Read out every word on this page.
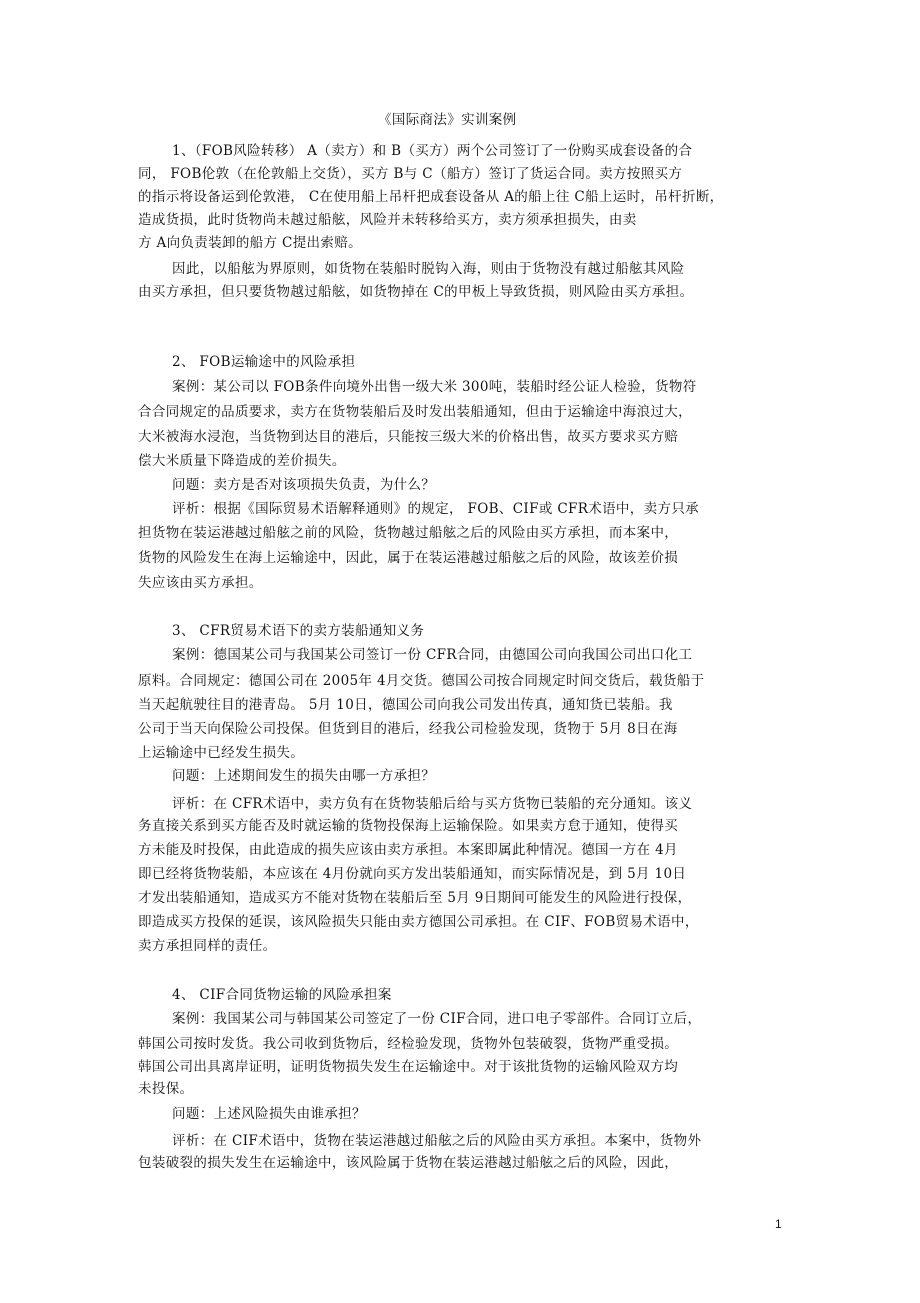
《国际商法》实训案例
1、（FOB风险转移） A（卖方）和 B（买方）两个公司签订了一份购买成套设备的合
同， FOB伦敦（在伦敦船上交货），买方 B与 C（船方）签订了货运合同。卖方按照买方
的指示将设备运到伦敦港， C在使用船上吊杆把成套设备从 A的船上往 C船上运时，吊杆折断，
造成货损，此时货物尚未越过船舷，风险并未转移给买方，卖方须承担损失，由卖
方 A向负责装卸的船方 C提出索赔。
因此，以船舷为界原则，如货物在装船时脱钩入海，则由于货物没有越过船舷其风险
由买方承担，但只要货物越过船舷，如货物掉在 C的甲板上导致货损，则风险由买方承担。
2、 FOB运输途中的风险承担
案例：某公司以 FOB条件向境外出售一级大米 300吨，装船时经公证人检验，货物符
合合同规定的品质要求，卖方在货物装船后及时发出装船通知，但由于运输途中海浪过大，
大米被海水浸泡，当货物到达目的港后，只能按三级大米的价格出售，故买方要求买方赔
偿大米质量下降造成的差价损失。
问题：卖方是否对该项损失负责，为什么？
评析：根据《国际贸易术语解释通则》的规定， FOB、CIF或 CFR术语中，卖方只承
担货物在装运港越过船舷之前的风险，货物越过船舷之后的风险由买方承担，而本案中，
货物的风险发生在海上运输途中，因此，属于在装运港越过船舷之后的风险，故该差价损
失应该由买方承担。
3、 CFR贸易术语下的卖方装船通知义务
案例：德国某公司与我国某公司签订一份 CFR合同，由德国公司向我国公司出口化工
原料。合同规定：德国公司在 2005年 4月交货。德国公司按合同规定时间交货后，载货船于
当天起航驶往目的港青岛。 5月 10日，德国公司向我公司发出传真，通知货已装船。我
公司于当天向保险公司投保。但货到目的港后，经我公司检验发现，货物于 5月 8日在海
上运输途中已经发生损失。
问题：上述期间发生的损失由哪一方承担？
评析：在 CFR术语中，卖方负有在货物装船后给与买方货物已装船的充分通知。该义
务直接关系到买方能否及时就运输的货物投保海上运输保险。如果卖方怠于通知，使得买
方未能及时投保，由此造成的损失应该由卖方承担。本案即属此种情况。德国一方在 4月
即已经将货物装船，本应该在 4月份就向买方发出装船通知，而实际情况是，到 5月 10日
才发出装船通知，造成买方不能对货物在装船后至 5月 9日期间可能发生的风险进行投保，
即造成买方投保的延误，该风险损失只能由卖方德国公司承担。在 CIF、FOB贸易术语中，
卖方承担同样的责任。
4、 CIF合同货物运输的风险承担案
案例：我国某公司与韩国某公司签定了一份 CIF合同，进口电子零部件。合同订立后，
韩国公司按时发货。我公司收到货物后，经检验发现，货物外包装破裂，货物严重受损。
韩国公司出具离岸证明，证明货物损失发生在运输途中。对于该批货物的运输风险双方均
未投保。
问题：上述风险损失由谁承担？
评析：在 CIF术语中，货物在装运港越过船舷之后的风险由买方承担。本案中，货物外
包装破裂的损失发生在运输途中，该风险属于货物在装运港越过船舷之后的风险，因此，
1
